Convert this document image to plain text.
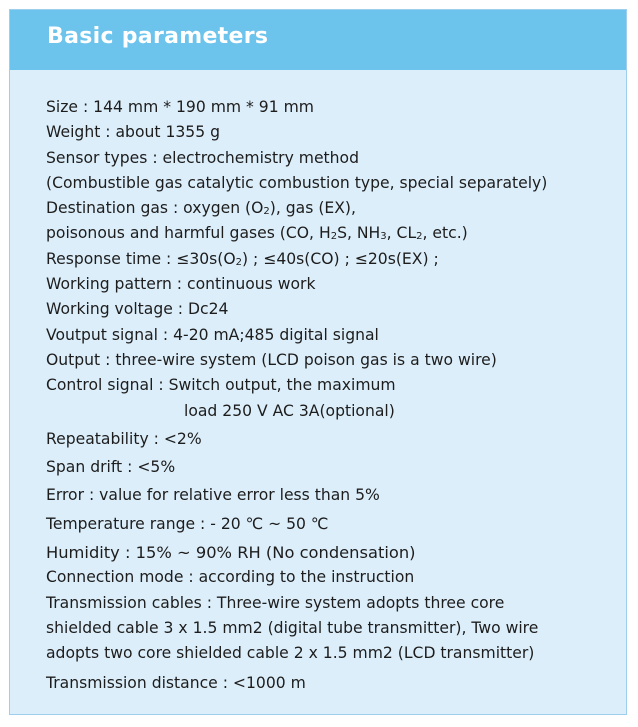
Basic parameters
Size : 144 mm * 190 mm * 91 mm
Weight : about 1355 g
Sensor types : electrochemistry method
(Combustible gas catalytic combustion type, special separately)
Destination gas : oxygen $(O_2)$, gas (EX),
poisonous and harmful gases (CO, $H_2S$, $NH_3$, $CL_2$, etc.)
Response time : $\le 30s(O_2)$ ; ≤40s(CO) ; ≤20s(EX) ;
Working pattern : continuous work
Working voltage : Dc24
Voutput signal : 4-20 mA;485 digital signal
Output : three-wire system (LCD poison gas is a two wire)
Control signal : Switch output, the maximum
load 250 V AC 3A(optional)
Repeatability : <2%
Span drift : <5%
Error : value for relative error less than 5%
Temperature range : - 20 ℃ ~ 50 ℃
Humidity : 15% ~ 90% RH (No condensation)
Connection mode : according to the instruction
Transmission cables : Three-wire system adopts three core
shielded cable 3 x 1.5 mm2 (digital tube transmitter), Two wire
adopts two core shielded cable 2 x 1.5 mm2 (LCD transmitter)
Transmission distance : <1000 m
